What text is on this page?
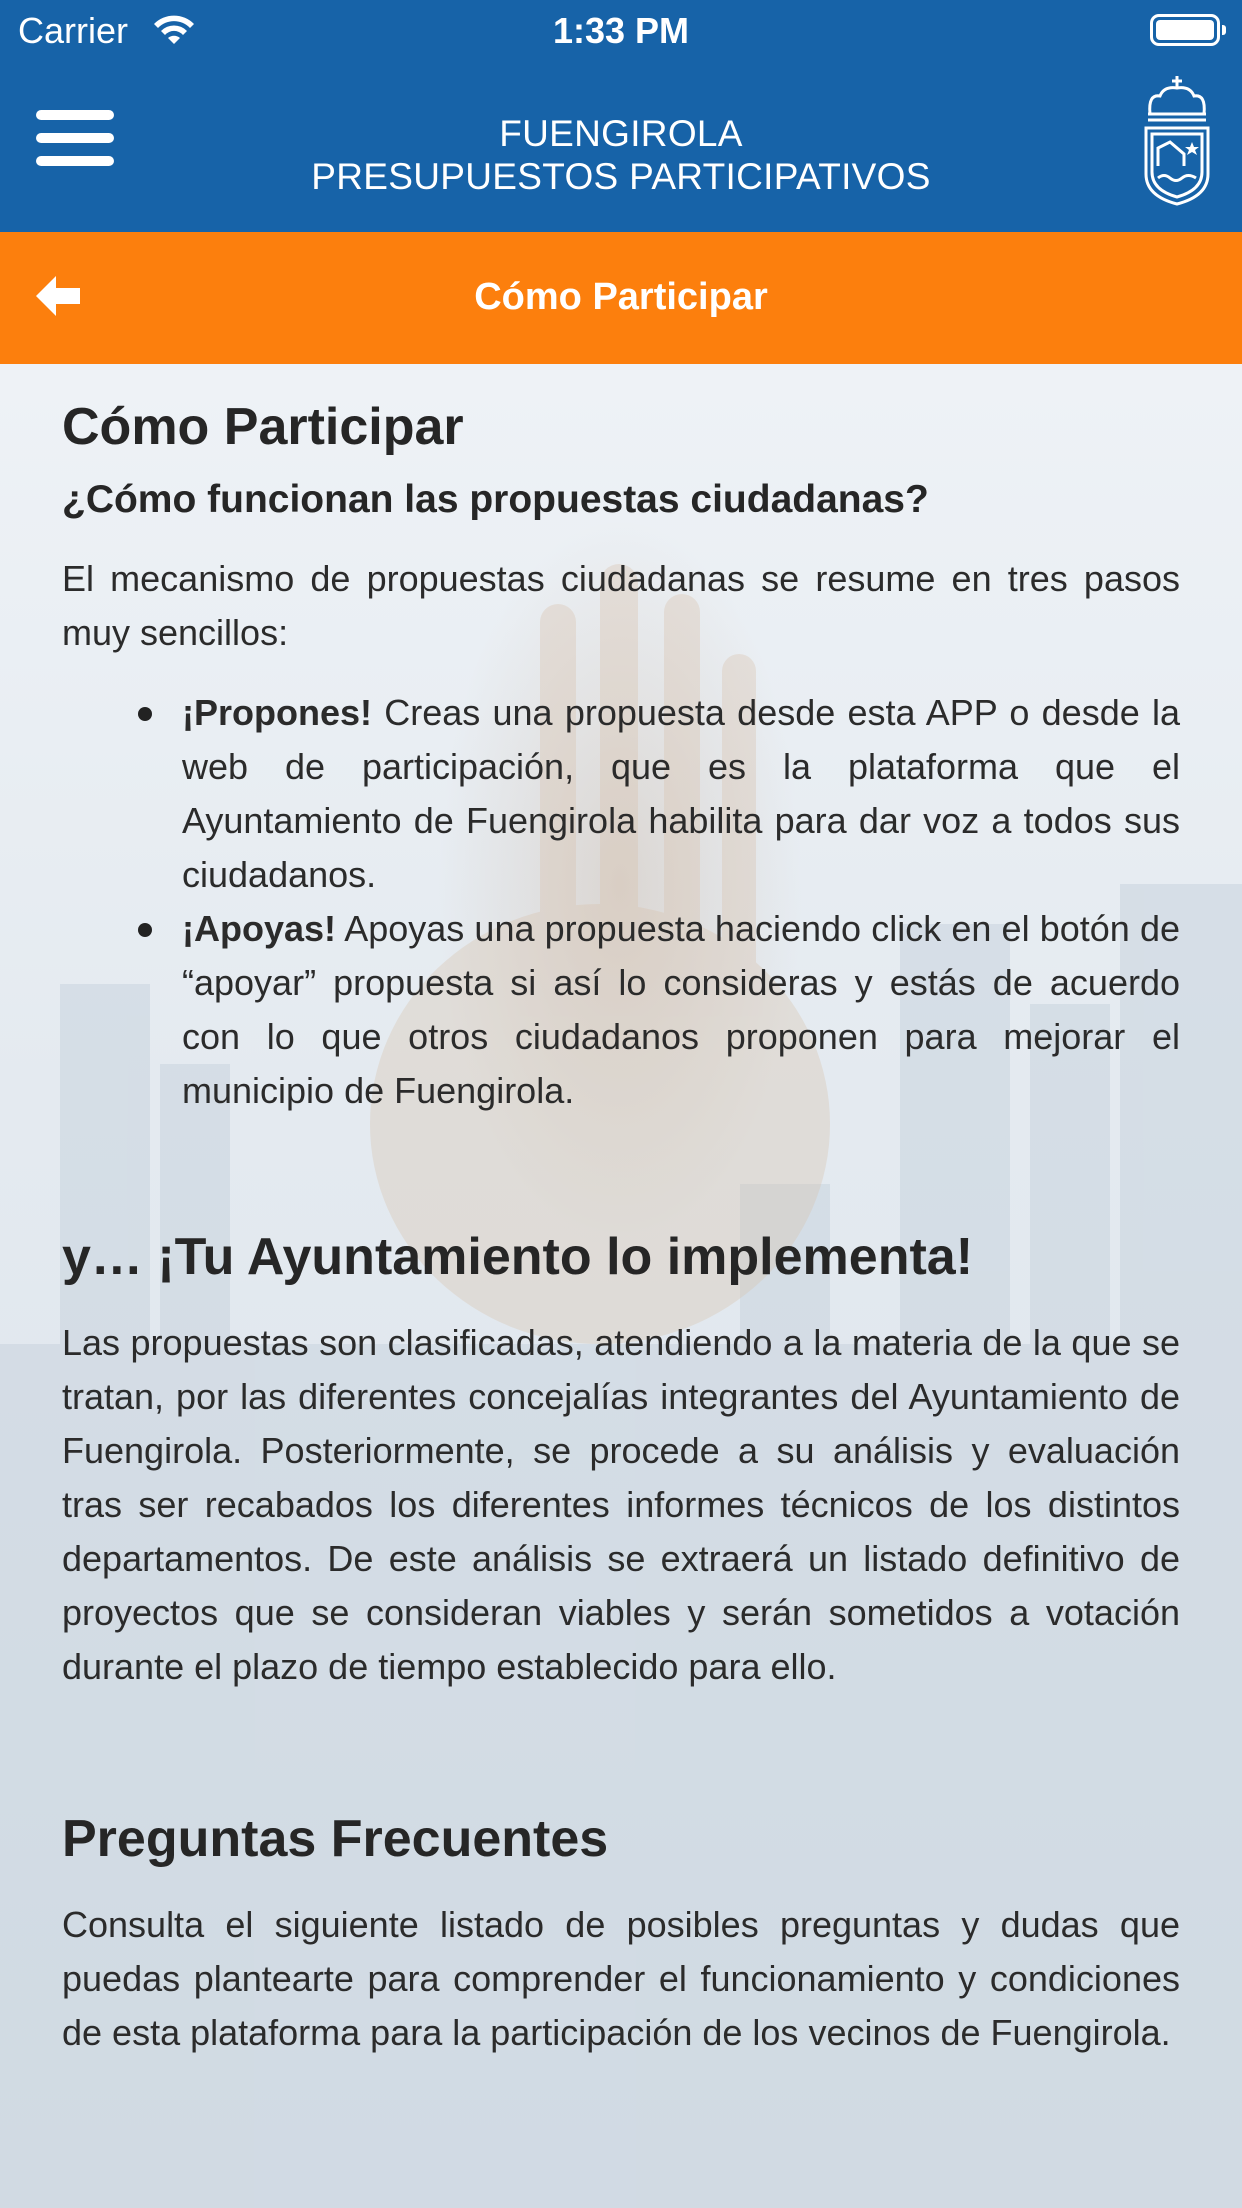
Carrier	1:33 PM
FUENGIROLA
PRESUPUESTOS PARTICIPATIVOS
Cómo Participar
Cómo Participar
¿Cómo funcionan las propuestas ciudadanas?

El mecanismo de propuestas ciudadanas se resume en tres pasos muy sencillos:

¡Propones! Creas una propuesta desde esta APP o desde la web de participación, que es la plataforma que el Ayuntamiento de Fuengirola habilita para dar voz a todos sus ciudadanos.
¡Apoyas! Apoyas una propuesta haciendo click en el botón de “apoyar” propuesta si así lo consideras y estás de acuerdo con lo que otros ciudadanos proponen para mejorar el municipio de Fuengirola.
y… ¡Tu Ayuntamiento lo implementa!

Las propuestas son clasificadas, atendiendo a la materia de la que se tratan, por las diferentes concejalías integrantes del Ayuntamiento de Fuengirola. Posteriormente, se procede a su análisis y evaluación tras ser recabados los diferentes informes técnicos de los distintos departamentos. De este análisis se extraerá un listado definitivo de proyectos que se consideran viables y serán sometidos a votación durante el plazo de tiempo establecido para ello.

Preguntas Frecuentes

Consulta el siguiente listado de posibles preguntas y dudas que puedas plantearte para comprender el funcionamiento y condiciones de esta plataforma para la participación de los vecinos de Fuengirola.
